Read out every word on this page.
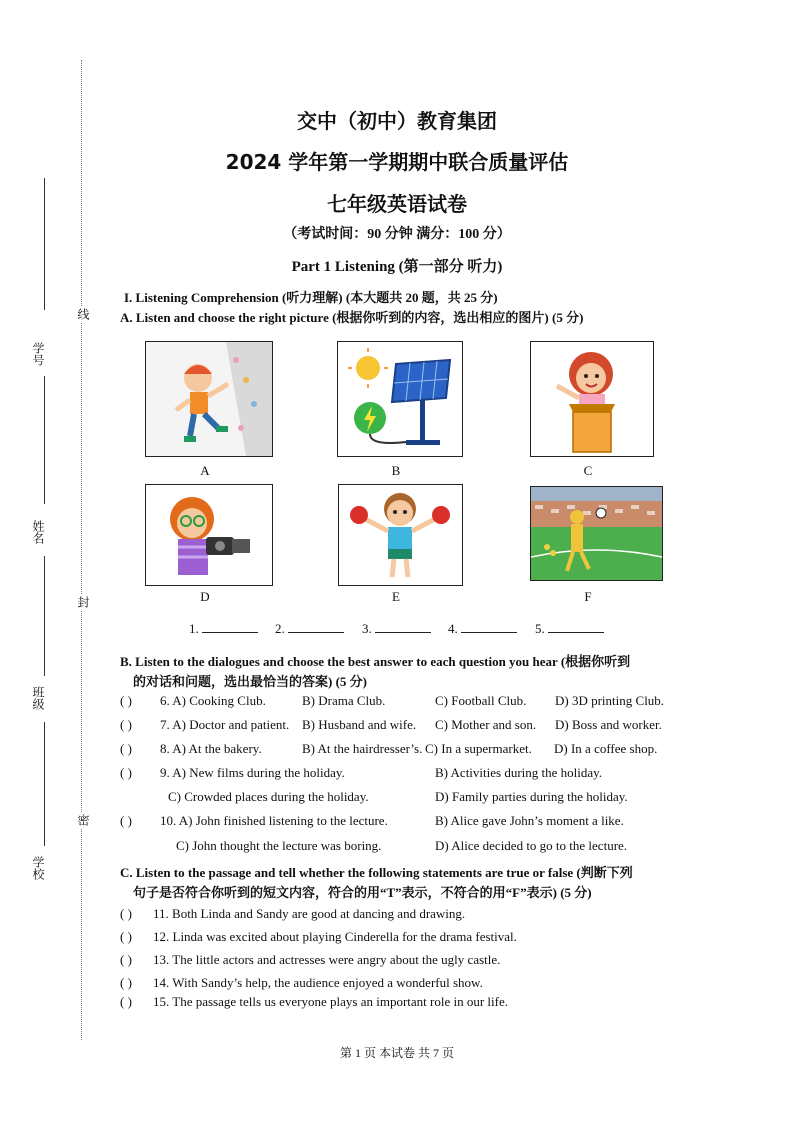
学号
姓名
班级
学校
线
封
密
交中（初中）教育集团
2024 学年第一学期期中联合质量评估
七年级英语试卷
（考试时间：90 分钟 满分：100 分）
Part 1 Listening (第一部分 听力)
I. Listening Comprehension (听力理解) (本大题共 20 题，共 25 分)
A. Listen and choose the right picture (根据你听到的内容，选出相应的图片) (5 分)
A	B	C
D	E	F
1.	2.	3.	4.	5.
B. Listen to the dialogues and choose the best answer to each question you hear (根据你听到
的对话和问题，选出最恰当的答案) (5 分)
( ) 6. A) Cooking Club.	B) Drama Club.	C) Football Club. D) 3D printing Club.
( ) 7. A) Doctor and patient. B) Husband and wife. C) Mother and son. D) Boss and worker.
( ) 8. A) At the bakery.	B) At the hairdresser’s. C) In a supermarket. D) In a coffee shop.
( ) 9. A) New films during the holiday.	B) Activities during the holiday.
C) Crowded places during the holiday.	D) Family parties during the holiday.
( ) 10. A) John finished listening to the lecture.	B) Alice gave John’s moment a like.
C) John thought the lecture was boring.	D) Alice decided to go to the lecture.
C. Listen to the passage and tell whether the following statements are true or false (判断下列
句子是否符合你听到的短文内容，符合的用“T”表示，不符合的用“F”表示) (5 分)
( ) 11. Both Linda and Sandy are good at dancing and drawing.
( ) 12. Linda was excited about playing Cinderella for the drama festival.
( ) 13. The little actors and actresses were angry about the ugly castle.
( ) 14. With Sandy’s help, the audience enjoyed a wonderful show.
( ) 15. The passage tells us everyone plays an important role in our life.
第 1 页 本试卷 共 7 页
